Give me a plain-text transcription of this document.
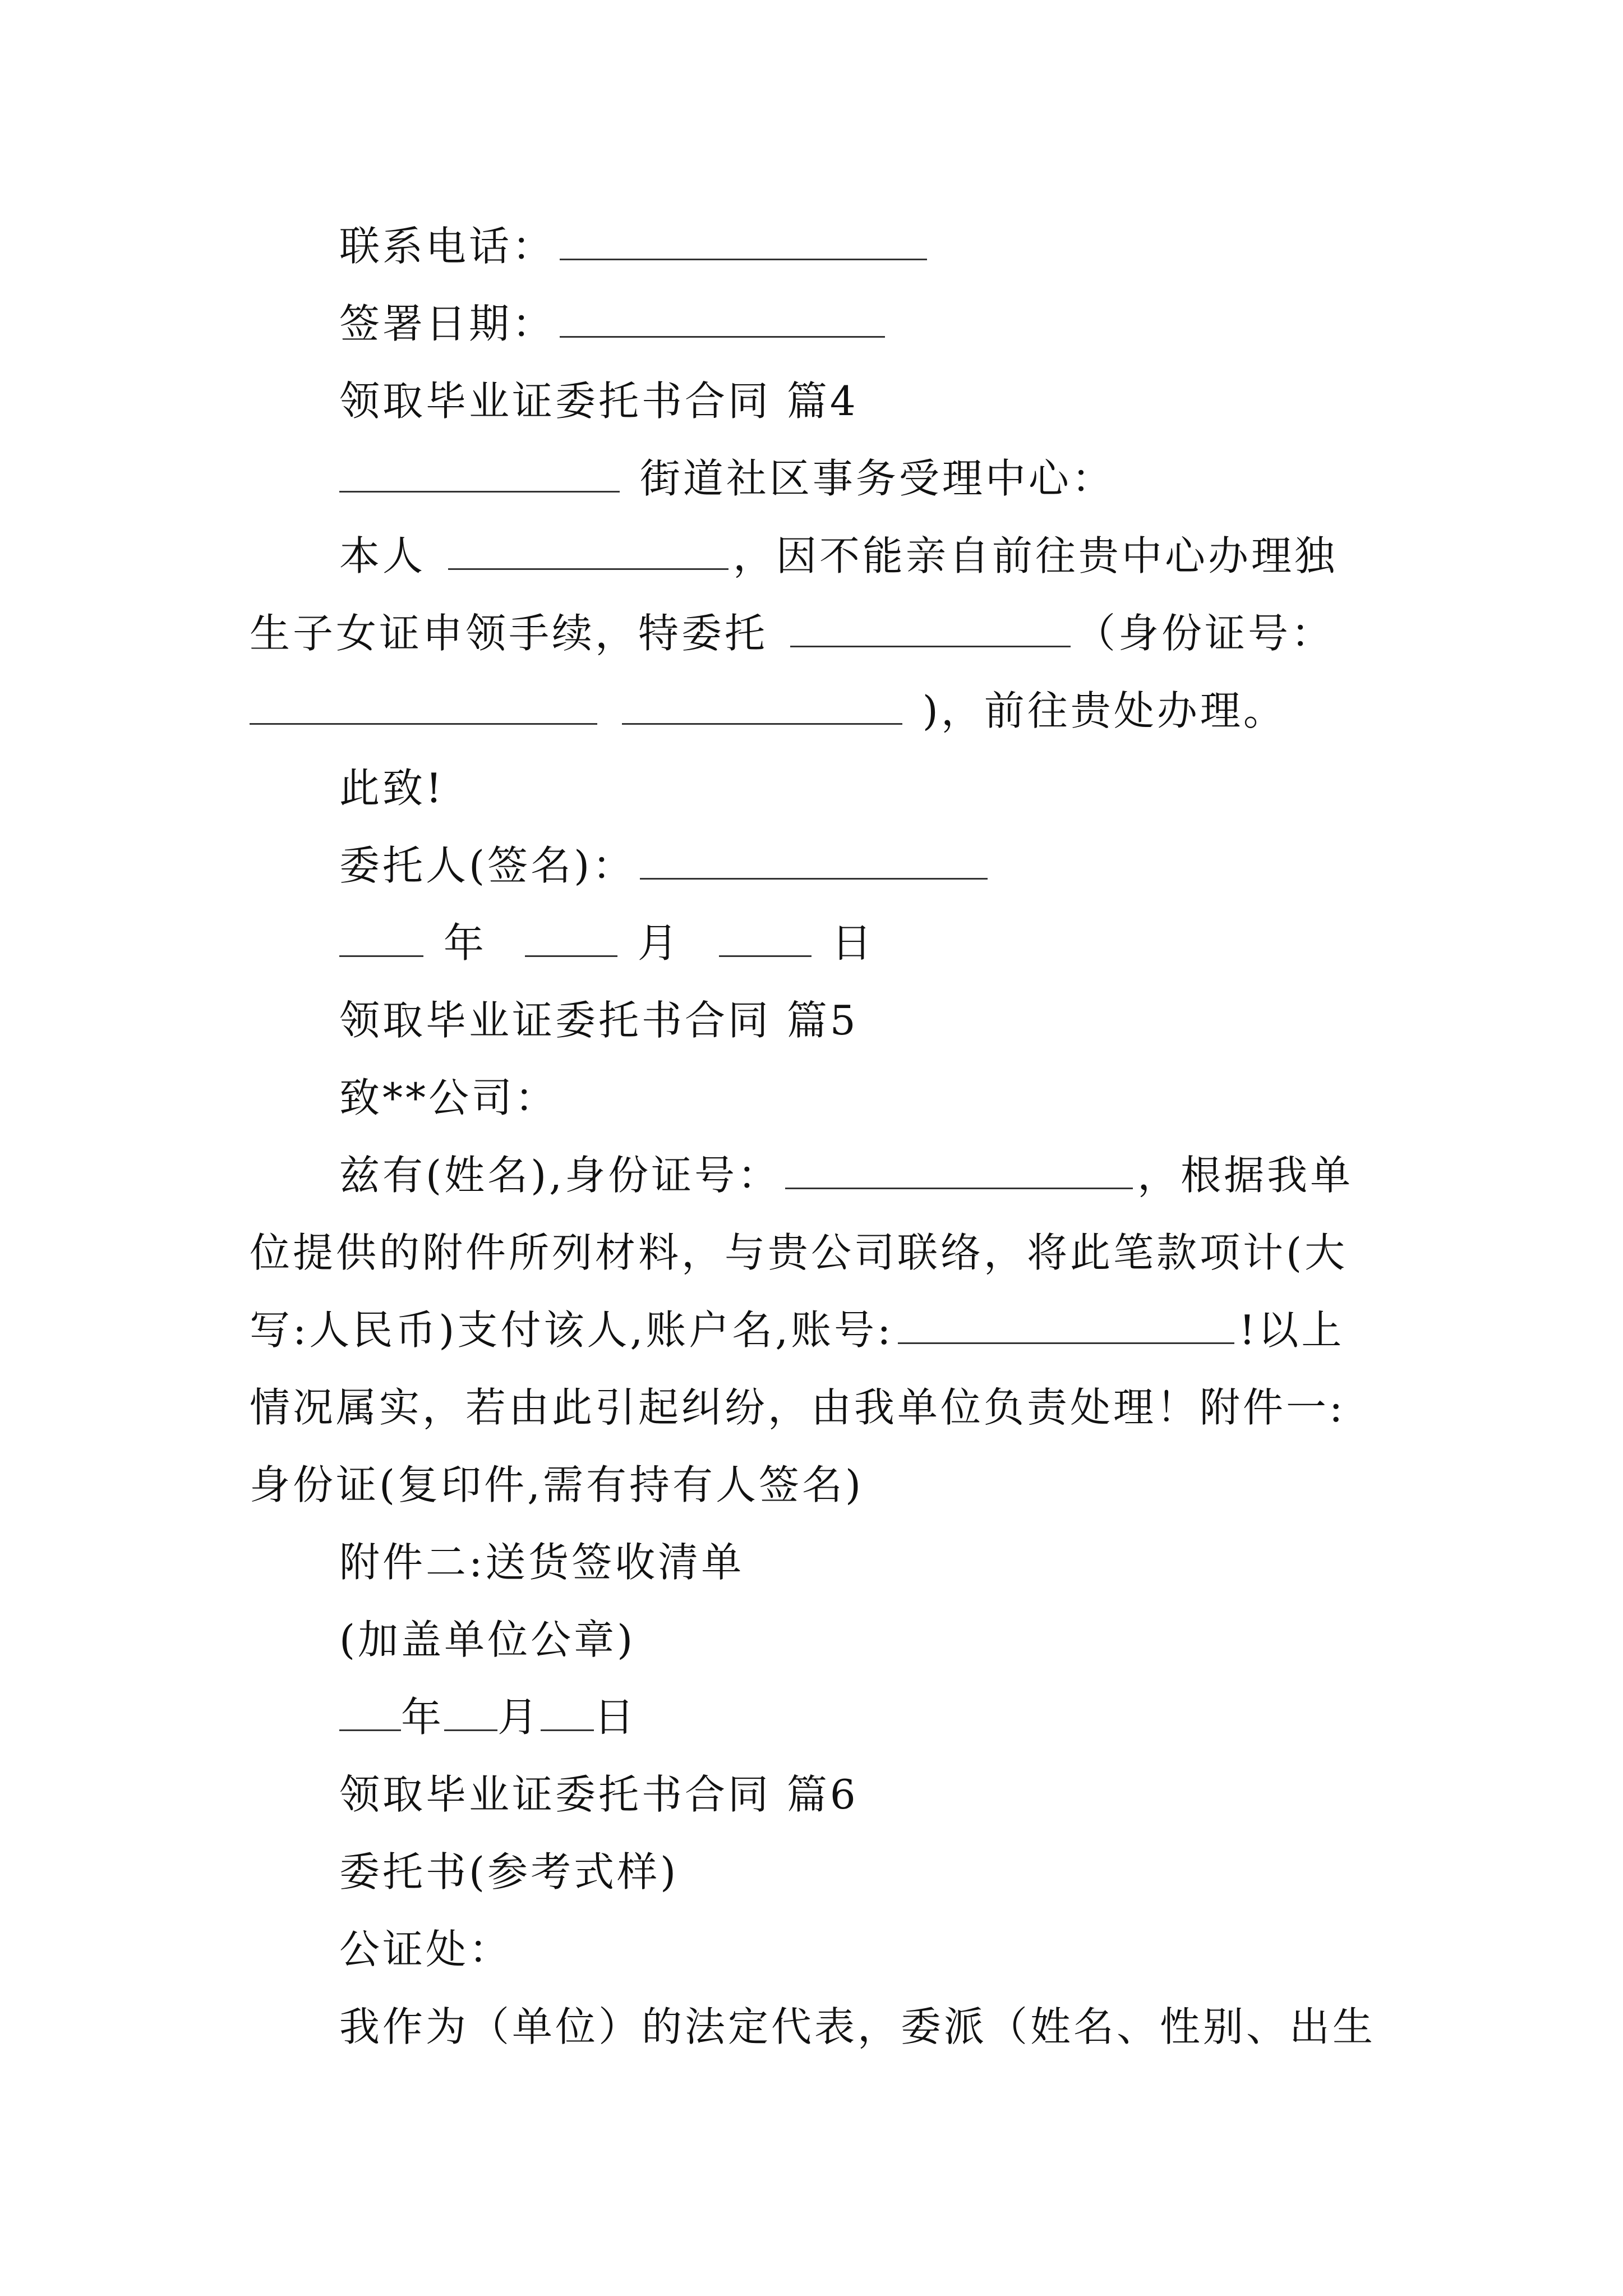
联系电话：
签署日期：
领取毕业证委托书合同 篇4
街道社区事务受理中心：
本人	，因不能亲自前往贵中心办理独
生子女证申领手续，特委托	（身份证号：
)，前往贵处办理。
此致!
委托人(签名)：
年	月	日
领取毕业证委托书合同 篇5
致**公司：
兹有(姓名),身份证号：	，根据我单
位提供的附件所列材料，与贵公司联络，将此笔款项计(大
写:人民币)支付该人,账户名,账号:	!以上
情况属实，若由此引起纠纷，由我单位负责处理！附件一:
身份证(复印件,需有持有人签名)
附件二:送货签收清单
(加盖单位公章)
年 月 日
领取毕业证委托书合同 篇6
委托书(参考式样)
公证处：
我作为（单位）的法定代表，委派（姓名、性别、出生
